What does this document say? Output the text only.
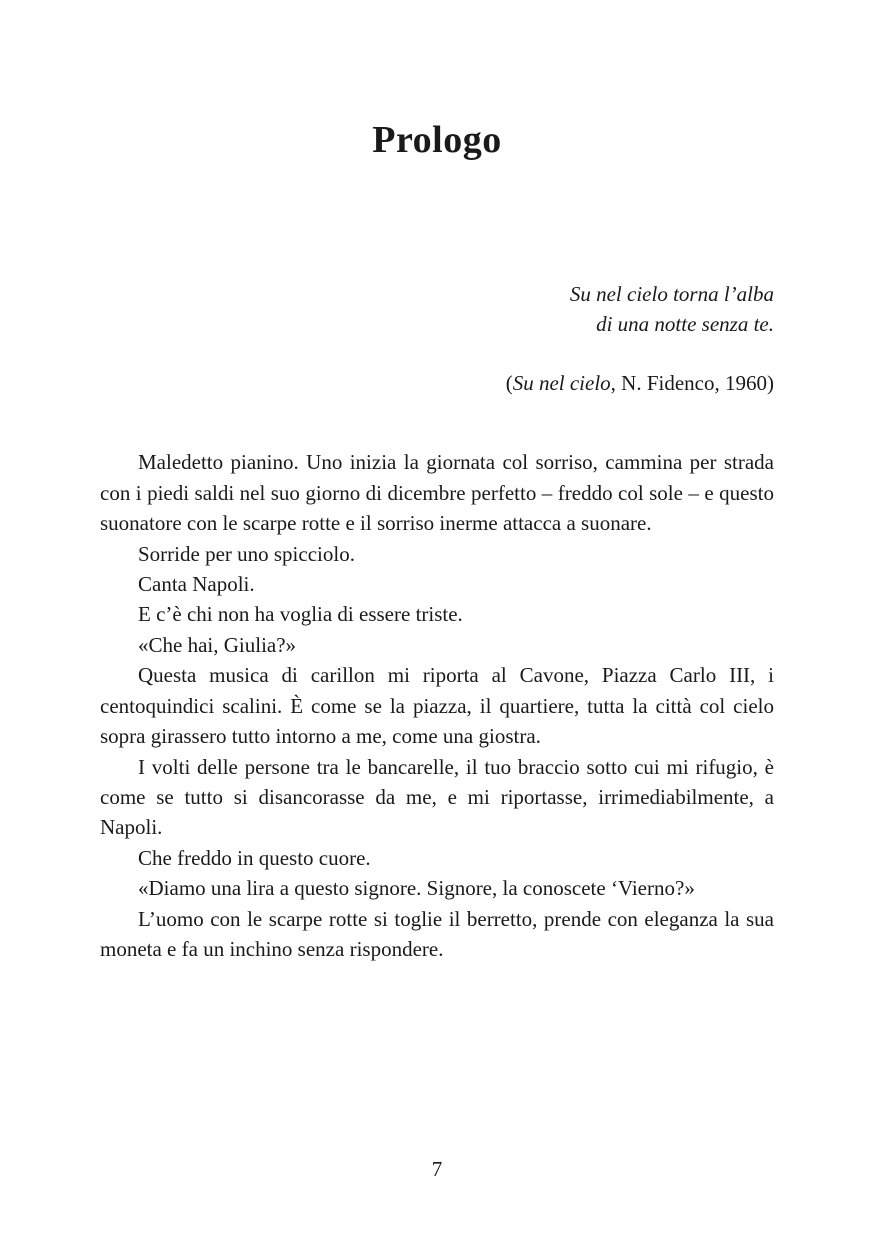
Prologo
Su nel cielo torna l’alba
di una notte senza te.
(Su nel cielo, N. Fidenco, 1960)

Maledetto pianino. Uno inizia la giornata col sorriso, cammina per strada con i piedi saldi nel suo giorno di dicembre perfetto – freddo col sole – e questo suonatore con le scarpe rotte e il sorriso inerme attacca a suonare.

Sorride per uno spicciolo.

Canta Napoli.

E c’è chi non ha voglia di essere triste.

«Che hai, Giulia?»

Questa musica di carillon mi riporta al Cavone, Piazza Carlo III, i centoquindici scalini. È come se la piazza, il quartiere, tutta la città col cielo sopra girassero tutto intorno a me, come una giostra.

I volti delle persone tra le bancarelle, il tuo braccio sotto cui mi rifugio, è come se tutto si disancorasse da me, e mi riportasse, irrimediabilmente, a Napoli.

Che freddo in questo cuore.

«Diamo una lira a questo signore. Signore, la conoscete ‘Vierno?»

L’uomo con le scarpe rotte si toglie il berretto, prende con eleganza la sua moneta e fa un inchino senza rispondere.

7
